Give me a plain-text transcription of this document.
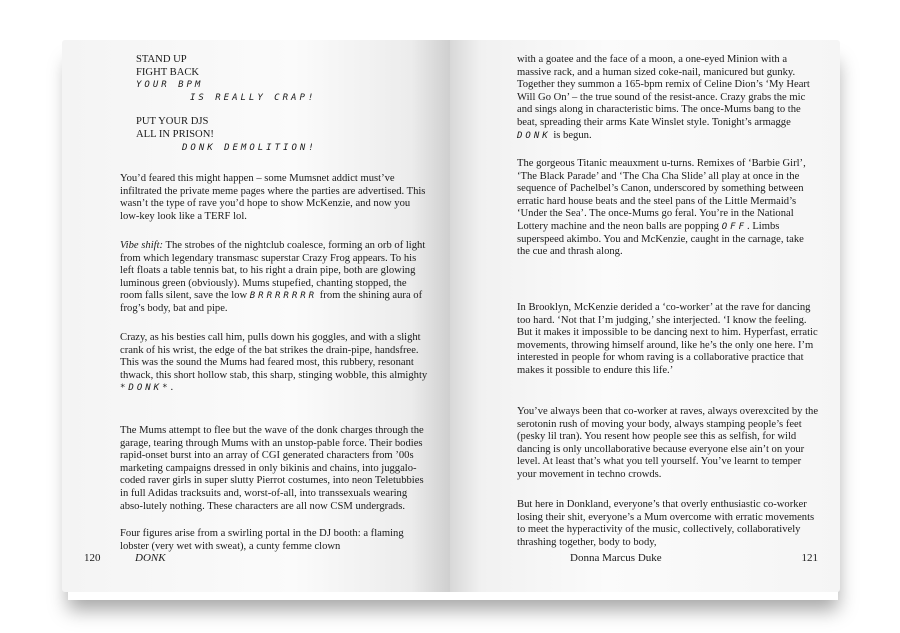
STAND UP
FIGHT BACK
YOUR BPM
IS REALLY CRAP!
PUT YOUR DJS
ALL IN PRISON!
DONK DEMOLITION!

You’d feared this might happen – some Mumsnet addict must’ve infiltrated the private meme pages where the parties are advertised. This wasn’t the type of rave you’d hope to show McKenzie, and now you low-key look like a TERF lol.

Vibe shift: The strobes of the nightclub coalesce, forming an orb of light from which legendary transmasc superstar Crazy Frog appears. To his left floats a table tennis bat, to his right a drain pipe, both are glowing luminous green (obviously). Mums stupefied, chanting stopped, the room falls silent, save the low BRRRRRRR from the shining aura of frog’s body, bat and pipe.

Crazy, as his besties call him, pulls down his goggles, and with a slight crank of his wrist, the edge of the bat strikes the drain-pipe, handsfree. This was the sound the Mums had feared most, this rubbery, resonant thwack, this short hollow stab, this sharp, stinging wobble, this almighty *DONK*.

The Mums attempt to flee but the wave of the donk charges through the garage, tearing through Mums with an unstop-pable force. Their bodies rapid-onset burst into an array of CGI generated characters from ’00s marketing campaigns dressed in only bikinis and chains, into juggalo-coded raver girls in super slutty Pierrot costumes, into neon Teletubbies in full Adidas tracksuits and, worst-of-all, into transsexuals wearing abso-lutely nothing. These characters are all now CSM undergrads.

Four figures arise from a swirling portal in the DJ booth: a flaming lobster (very wet with sweat), a cunty femme clown

120	DONK

with a goatee and the face of a moon, a one-eyed Minion with a massive rack, and a human sized coke-nail, manicured but gunky. Together they summon a 165-bpm remix of Celine Dion’s ‘My Heart Will Go On’ – the true sound of the resist-ance. Crazy grabs the mic and sings along in characteristic bims. The once-Mums bang to the beat, spreading their arms Kate Winslet style. Tonight’s armagge DONK is begun.

The gorgeous Titanic meauxment u-turns. Remixes of ‘Barbie Girl’, ‘The Black Parade’ and ‘The Cha Cha Slide’ all play at once in the sequence of Pachelbel’s Canon, underscored by something between erratic hard house beats and the steel pans of the Little Mermaid’s ‘Under the Sea’. The once-Mums go feral. You’re in the National Lottery machine and the neon balls are popping OFF. Limbs superspeed akimbo. You and McKenzie, caught in the carnage, take the cue and thrash along.

In Brooklyn, McKenzie derided a ‘co-worker’ at the rave for dancing too hard. ‘Not that I’m judging,’ she interjected. ‘I know the feeling. But it makes it impossible to be dancing next to him. Hyperfast, erratic movements, throwing himself around, like he’s the only one here. I’m interested in people for whom raving is a collaborative practice that makes it possible to endure this life.’

You’ve always been that co-worker at raves, always overexcited by the serotonin rush of moving your body, always stamping people’s feet (pesky lil tran). You resent how people see this as selfish, for wild dancing is only uncollaborative because everyone else ain’t on your level. At least that’s what you tell yourself. You’ve learnt to temper your movement in techno crowds.

But here in Donkland, everyone’s that overly enthusiastic co-worker losing their shit, everyone’s a Mum overcome with erratic movements to meet the hyperactivity of the music, collectively, collaboratively thrashing together, body to body,

Donna Marcus Duke	121
